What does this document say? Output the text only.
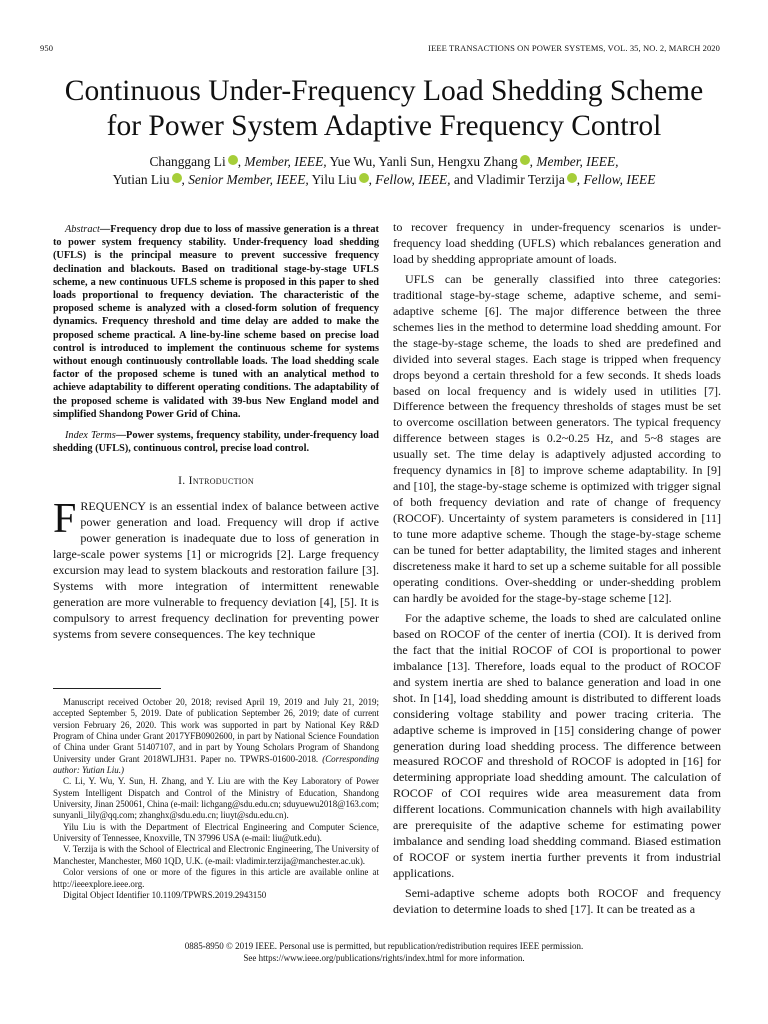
950	IEEE TRANSACTIONS ON POWER SYSTEMS, VOL. 35, NO. 2, MARCH 2020
Continuous Under-Frequency Load Shedding Scheme
for Power System Adaptive Frequency Control
Changgang Li , Member, IEEE, Yue Wu, Yanli Sun, Hengxu Zhang , Member, IEEE,
Yutian Liu , Senior Member, IEEE, Yilu Liu , Fellow, IEEE, and Vladimir Terzija , Fellow, IEEE
Abstract—Frequency drop due to loss of massive generation is a threat to power system frequency stability. Under-frequency load shedding (UFLS) is the principal measure to prevent successive frequency declination and blackouts. Based on traditional stage-by-stage UFLS scheme, a new continuous UFLS scheme is proposed in this paper to shed loads proportional to frequency deviation. The characteristic of the proposed scheme is analyzed with a closed-form solution of frequency dynamics. Frequency threshold and time delay are added to make the proposed scheme practical. A line-by-line scheme based on precise load control is introduced to implement the continuous scheme for systems without enough continuously controllable loads. The load shedding scale factor of the proposed scheme is tuned with an analytical method to achieve adaptability to different operating conditions. The adaptability of the proposed scheme is validated with 39-bus New England model and simplified Shandong Power Grid of China.
Index Terms—Power systems, frequency stability, under-frequency load shedding (UFLS), continuous control, precise load control.
I. Introduction

FREQUENCY is an essential index of balance between active power generation and load. Frequency will drop if active power generation is inadequate due to loss of generation in large-scale power systems [1] or microgrids [2]. Large frequency excursion may lead to system blackouts and restoration failure [3]. Systems with more integration of intermittent renewable generation are more vulnerable to frequency deviation [4], [5]. It is compulsory to arrest frequency declination for preventing power systems from severe consequences. The key technique

Manuscript received October 20, 2018; revised April 19, 2019 and July 21, 2019; accepted September 5, 2019. Date of publication September 26, 2019; date of current version February 26, 2020. This work was supported in part by National Key R&D Program of China under Grant 2017YFB0902600, in part by National Science Foundation of China under Grant 51407107, and in part by Young Scholars Program of Shandong University under Grant 2018WLJH31. Paper no. TPWRS-01600-2018. (Corresponding author: Yutian Liu.)

C. Li, Y. Wu, Y. Sun, H. Zhang, and Y. Liu are with the Key Laboratory of Power System Intelligent Dispatch and Control of the Ministry of Education, Shandong University, Jinan 250061, China (e-mail: lichgang@sdu.edu.cn; sduyuewu2018@163.com; sunyanli_lily@qq.com; zhanghx@sdu.edu.cn; liuyt@sdu.edu.cn).

Yilu Liu is with the Department of Electrical Engineering and Computer Science, University of Tennessee, Knoxville, TN 37996 USA (e-mail: liu@utk.edu).

V. Terzija is with the School of Electrical and Electronic Engineering, The University of Manchester, Manchester, M60 1QD, U.K. (e-mail: vladimir.terzija@manchester.ac.uk).

Color versions of one or more of the figures in this article are available online at http://ieeexplore.ieee.org.

Digital Object Identifier 10.1109/TPWRS.2019.2943150

to recover frequency in under-frequency scenarios is under-frequency load shedding (UFLS) which rebalances generation and load by shedding appropriate amount of loads.

UFLS can be generally classified into three categories: traditional stage-by-stage scheme, adaptive scheme, and semi-adaptive scheme [6]. The major difference between the three schemes lies in the method to determine load shedding amount. For the stage-by-stage scheme, the loads to shed are predefined and divided into several stages. Each stage is tripped when frequency drops beyond a certain threshold for a few seconds. It sheds loads based on local frequency and is widely used in utilities [7]. Difference between the frequency thresholds of stages must be set to overcome oscillation between generators. The typical frequency difference between stages is 0.2~0.25 Hz, and 5~8 stages are usually set. The time delay is adaptively adjusted according to frequency dynamics in [8] to improve scheme adaptability. In [9] and [10], the stage-by-stage scheme is optimized with trigger signal of both frequency deviation and rate of change of frequency (ROCOF). Uncertainty of system parameters is considered in [11] to tune more adaptive scheme. Though the stage-by-stage scheme can be tuned for better adaptability, the limited stages and inherent discreteness make it hard to set up a scheme suitable for all possible operating conditions. Over-shedding or under-shedding problem can hardly be avoided for the stage-by-stage scheme [12].

For the adaptive scheme, the loads to shed are calculated online based on ROCOF of the center of inertia (COI). It is derived from the fact that the initial ROCOF of COI is proportional to power imbalance [13]. Therefore, loads equal to the product of ROCOF and system inertia are shed to balance generation and load in one shot. In [14], load shedding amount is distributed to different loads considering voltage stability and power tracing criteria. The adaptive scheme is improved in [15] considering change of power generation during load shedding process. The difference between measured ROCOF and threshold of ROCOF is adopted in [16] for determining appropriate load shedding amount. The calculation of ROCOF of COI requires wide area measurement data from different locations. Communication channels with high availability are prerequisite of the adaptive scheme for estimating power imbalance and sending load shedding command. Biased estimation of ROCOF or system inertia further prevents it from industrial applications.

Semi-adaptive scheme adopts both ROCOF and frequency deviation to determine loads to shed [17]. It can be treated as a

0885-8950 © 2019 IEEE. Personal use is permitted, but republication/redistribution requires IEEE permission.
See https://www.ieee.org/publications/rights/index.html for more information.
